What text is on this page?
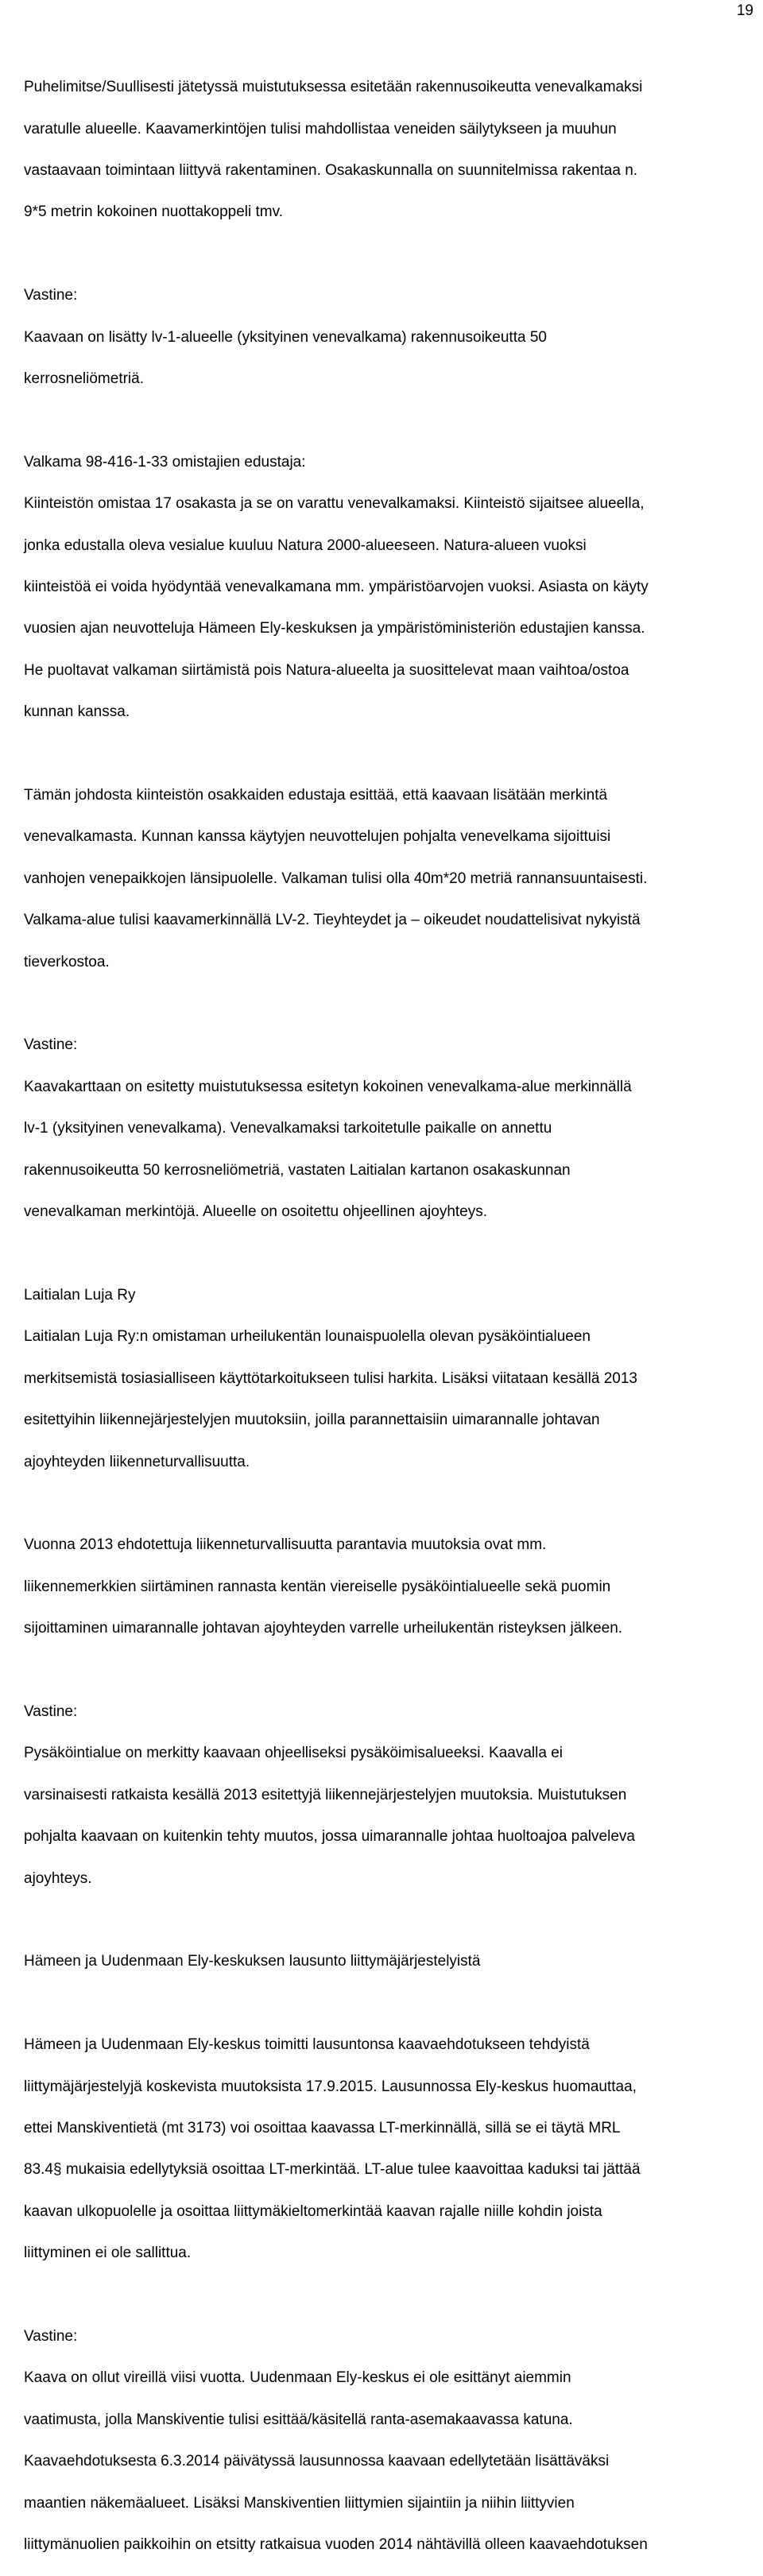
19

Puhelimitse/Suullisesti jätetyssä muistutuksessa esitetään rakennusoikeutta venevalkamaksi

varatulle alueelle. Kaavamerkintöjen tulisi mahdollistaa veneiden säilytykseen ja muuhun

vastaavaan toimintaan liittyvä rakentaminen. Osakaskunnalla on suunnitelmissa rakentaa n.

9*5 metrin kokoinen nuottakoppeli tmv.

Vastine:

Kaavaan on lisätty lv-1-alueelle (yksityinen venevalkama) rakennusoikeutta 50

kerrosneliömetriä.

Valkama 98-416-1-33 omistajien edustaja:

Kiinteistön omistaa 17 osakasta ja se on varattu venevalkamaksi. Kiinteistö sijaitsee alueella,

jonka edustalla oleva vesialue kuuluu Natura 2000-alueeseen. Natura-alueen vuoksi

kiinteistöä ei voida hyödyntää venevalkamana mm. ympäristöarvojen vuoksi. Asiasta on käyty

vuosien ajan neuvotteluja Hämeen Ely-keskuksen ja ympäristöministeriön edustajien kanssa.

He puoltavat valkaman siirtämistä pois Natura-alueelta ja suosittelevat maan vaihtoa/ostoa

kunnan kanssa.

Tämän johdosta kiinteistön osakkaiden edustaja esittää, että kaavaan lisätään merkintä

venevalkamasta. Kunnan kanssa käytyjen neuvottelujen pohjalta venevelkama sijoittuisi

vanhojen venepaikkojen länsipuolelle. Valkaman tulisi olla 40m*20 metriä rannansuuntaisesti.

Valkama-alue tulisi kaavamerkinnällä LV-2. Tieyhteydet ja – oikeudet noudattelisivat nykyistä

tieverkostoa.

Vastine:

Kaavakarttaan on esitetty muistutuksessa esitetyn kokoinen venevalkama-alue merkinnällä

lv-1 (yksityinen venevalkama). Venevalkamaksi tarkoitetulle paikalle on annettu

rakennusoikeutta 50 kerrosneliömetriä, vastaten Laitialan kartanon osakaskunnan

venevalkaman merkintöjä. Alueelle on osoitettu ohjeellinen ajoyhteys.

Laitialan Luja Ry

Laitialan Luja Ry:n omistaman urheilukentän lounaispuolella olevan pysäköintialueen

merkitsemistä tosiasialliseen käyttötarkoitukseen tulisi harkita. Lisäksi viitataan kesällä 2013

esitettyihin liikennejärjestelyjen muutoksiin, joilla parannettaisiin uimarannalle johtavan

ajoyhteyden liikenneturvallisuutta.

Vuonna 2013 ehdotettuja liikenneturvallisuutta parantavia muutoksia ovat mm.

liikennemerkkien siirtäminen rannasta kentän viereiselle pysäköintialueelle sekä puomin

sijoittaminen uimarannalle johtavan ajoyhteyden varrelle urheilukentän risteyksen jälkeen.

Vastine:

Pysäköintialue on merkitty kaavaan ohjeelliseksi pysäköimisalueeksi. Kaavalla ei

varsinaisesti ratkaista kesällä 2013 esitettyjä liikennejärjestelyjen muutoksia. Muistutuksen

pohjalta kaavaan on kuitenkin tehty muutos, jossa uimarannalle johtaa huoltoajoa palveleva

ajoyhteys.

Hämeen ja Uudenmaan Ely-keskuksen lausunto liittymäjärjestelyistä

Hämeen ja Uudenmaan Ely-keskus toimitti lausuntonsa kaavaehdotukseen tehdyistä

liittymäjärjestelyjä koskevista muutoksista 17.9.2015. Lausunnossa Ely-keskus huomauttaa,

ettei Manskiventietä (mt 3173) voi osoittaa kaavassa LT-merkinnällä, sillä se ei täytä MRL

83.4§ mukaisia edellytyksiä osoittaa LT-merkintää. LT-alue tulee kaavoittaa kaduksi tai jättää

kaavan ulkopuolelle ja osoittaa liittymäkieltomerkintää kaavan rajalle niille kohdin joista

liittyminen ei ole sallittua.

Vastine:

Kaava on ollut vireillä viisi vuotta. Uudenmaan Ely-keskus ei ole esittänyt aiemmin

vaatimusta, jolla Manskiventie tulisi esittää/käsitellä ranta-asemakaavassa katuna.

Kaavaehdotuksesta 6.3.2014 päivätyssä lausunnossa kaavaan edellytetään lisättäväksi

maantien näkemäalueet. Lisäksi Manskiventien liittymien sijaintiin ja niihin liittyvien

liittymänuolien paikkoihin on etsitty ratkaisua vuoden 2014 nähtävillä olleen kaavaehdotuksen
